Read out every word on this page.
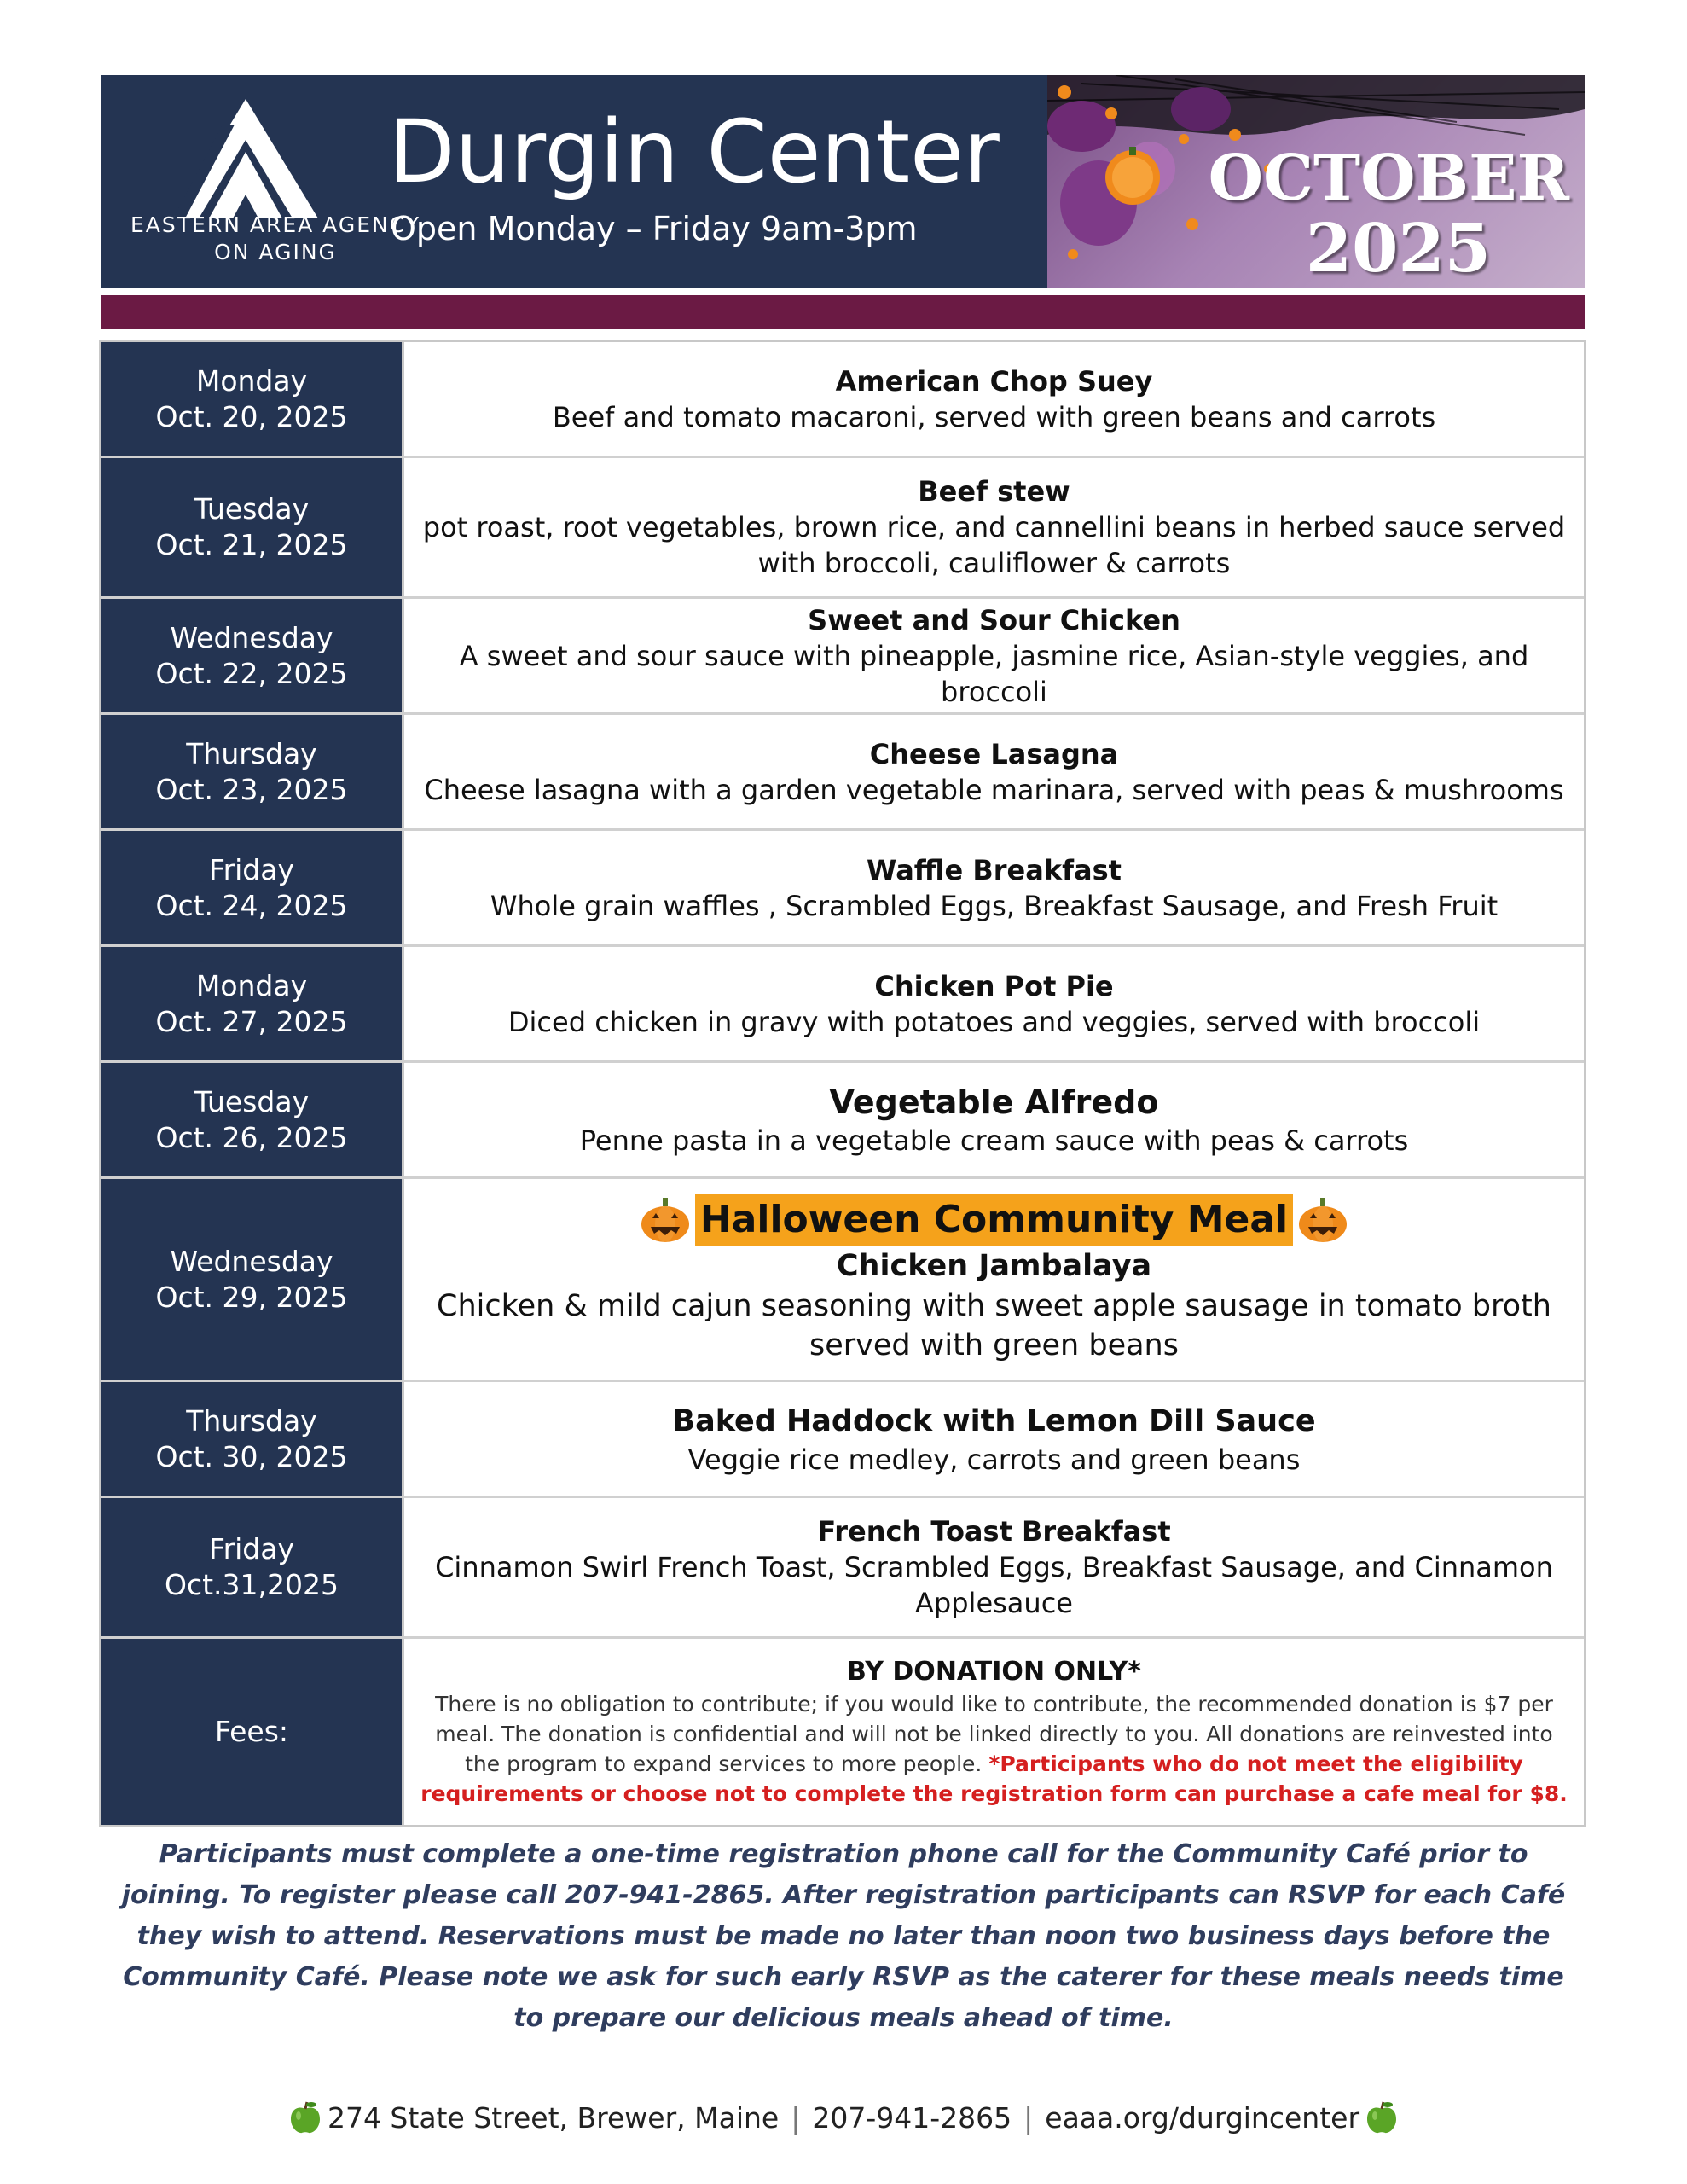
EASTERN AREA AGENCY ON AGING
Durgin Center
Open Monday – Friday 9am-3pm
OCTOBER
2025
Monday
Oct. 20, 2025
American Chop Suey
Beef and tomato macaroni, served with green beans and carrots
Tuesday
Oct. 21, 2025
Beef stew
pot roast, root vegetables, brown rice, and cannellini beans in herbed sauce served with broccoli, cauliflower & carrots
Wednesday
Oct. 22, 2025
Sweet and Sour Chicken
A sweet and sour sauce with pineapple, jasmine rice, Asian-style veggies, and broccoli
Thursday
Oct. 23, 2025
Cheese Lasagna
Cheese lasagna with a garden vegetable marinara, served with peas & mushrooms
Friday
Oct. 24, 2025
Waffle Breakfast
Whole grain waffles , Scrambled Eggs, Breakfast Sausage, and Fresh Fruit
Monday
Oct. 27, 2025
Chicken Pot Pie
Diced chicken in gravy with potatoes and veggies, served with broccoli
Tuesday
Oct. 26, 2025
Vegetable Alfredo
Penne pasta in a vegetable cream sauce with peas & carrots
Wednesday
Oct. 29, 2025
Halloween Community Meal
Chicken Jambalaya
Chicken & mild cajun seasoning with sweet apple sausage in tomato broth served with green beans
Thursday
Oct. 30, 2025
Baked Haddock with Lemon Dill Sauce
Veggie rice medley, carrots and green beans
Friday
Oct.31,2025
French Toast Breakfast
Cinnamon Swirl French Toast, Scrambled Eggs, Breakfast Sausage, and Cinnamon Applesauce
Fees:
BY DONATION ONLY*
There is no obligation to contribute; if you would like to contribute, the recommended donation is $7 per meal. The donation is confidential and will not be linked directly to you. All donations are reinvested into the program to expand services to more people. *Participants who do not meet the eligibility requirements or choose not to complete the registration form can purchase a cafe meal for $8.
Participants must complete a one-time registration phone call for the Community Café prior to joining. To register please call 207-941-2865. After registration participants can RSVP for each Café they wish to attend. Reservations must be made no later than noon two business days before the Community Café. Please note we ask for such early RSVP as the caterer for these meals needs time to prepare our delicious meals ahead of time.
274 State Street, Brewer, Maine | 207-941-2865 | eaaa.org/durgincenter
